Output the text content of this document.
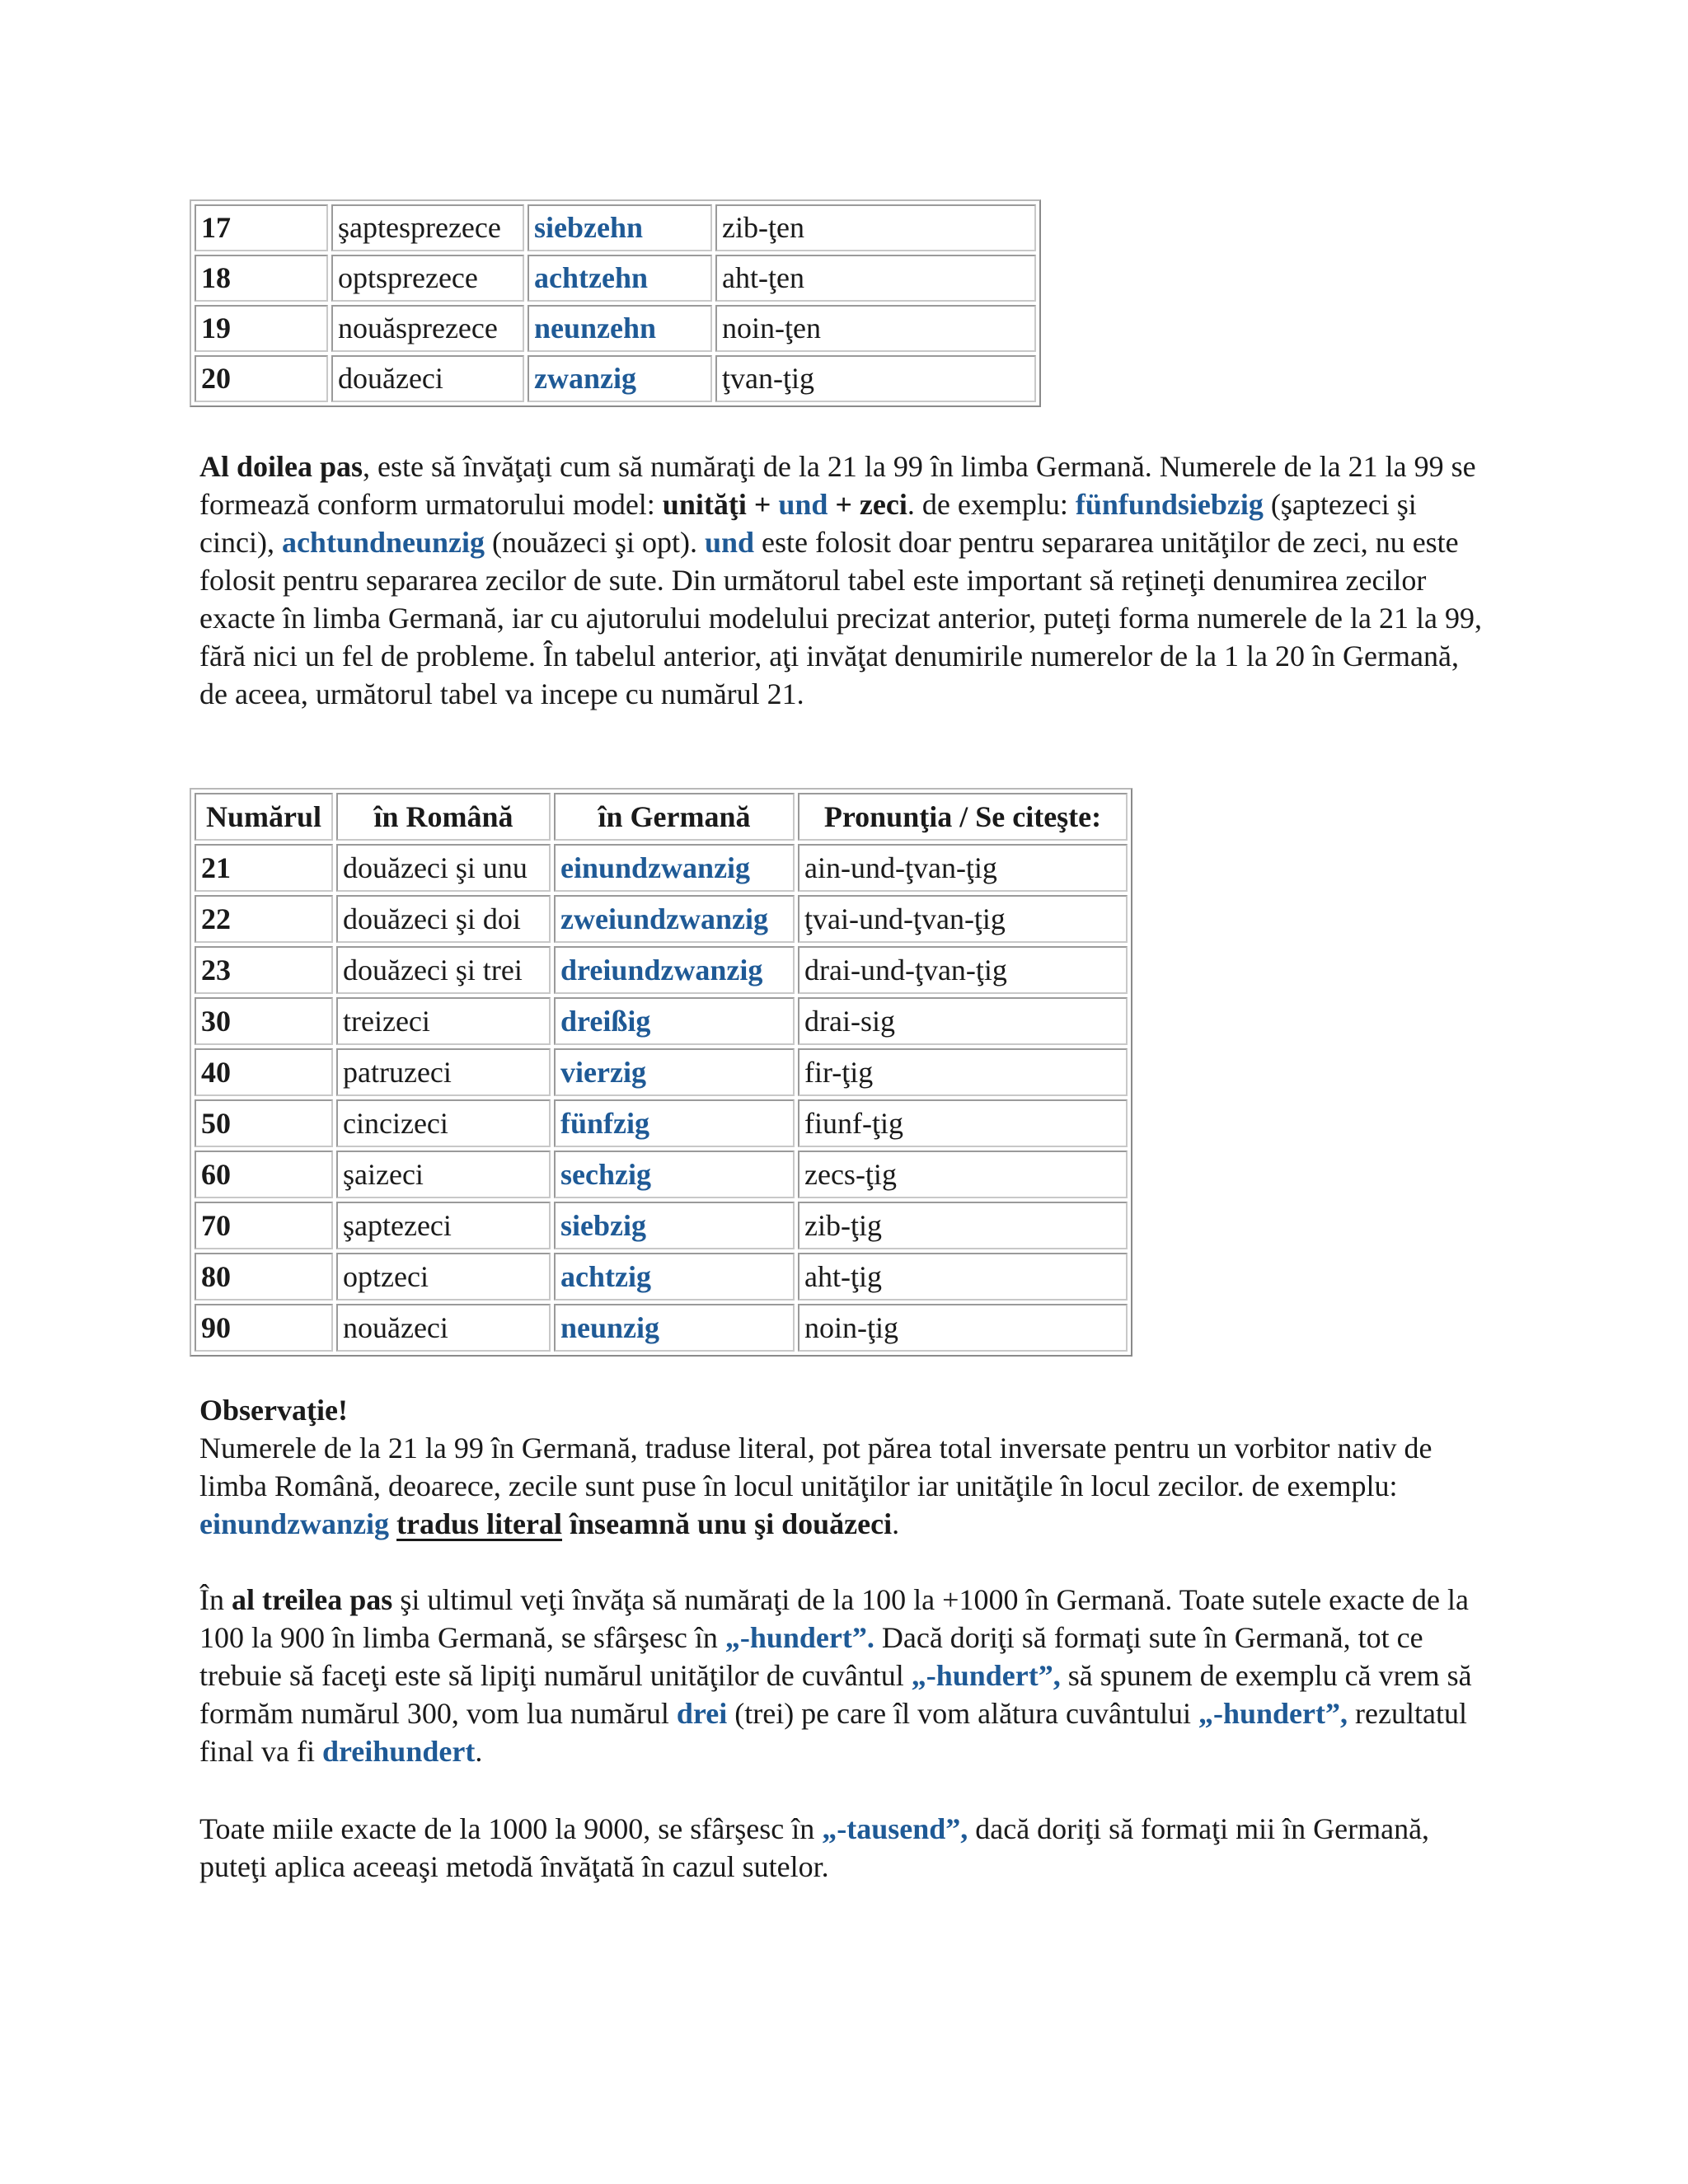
17	şaptesprezece	siebzehn	zib-ţen
18	optsprezece	achtzehn	aht-ţen
19	nouăsprezece	neunzehn	noin-ţen
20	douăzeci	zwanzig	ţvan-ţig

Al doilea pas, este să învăţaţi cum să număraţi de la 21 la 99 în limba Germană. Numerele de la 21 la 99 se formează conform urmatorului model: unităţi + und + zeci. de exemplu: fünfundsiebzig (şaptezeci şi cinci), achtundneunzig (nouăzeci şi opt). und este folosit doar pentru separarea unităţilor de zeci, nu este folosit pentru separarea zecilor de sute. Din următorul tabel este important să reţineţi denumirea zecilor exacte în limba Germană, iar cu ajutorului modelului precizat anterior, puteţi forma numerele de la 21 la 99, fără nici un fel de probleme. În tabelul anterior, aţi invăţat denumirile numerelor de la 1 la 20 în Germană, de aceea, următorul tabel va incepe cu numărul 21.

Numărul	în Română	în Germană	Pronunţia / Se citeşte:
21	douăzeci şi unu	einundzwanzig	ain-und-ţvan-ţig
22	douăzeci şi doi	zweiundzwanzig	ţvai-und-ţvan-ţig
23	douăzeci şi trei	dreiundzwanzig	drai-und-ţvan-ţig
30	treizeci	dreißig	drai-sig
40	patruzeci	vierzig	fir-ţig
50	cincizeci	fünfzig	fiunf-ţig
60	şaizeci	sechzig	zecs-ţig
70	şaptezeci	siebzig	zib-ţig
80	optzeci	achtzig	aht-ţig
90	nouăzeci	neunzig	noin-ţig

Observaţie!

Numerele de la 21 la 99 în Germană, traduse literal, pot părea total inversate pentru un vorbitor nativ de limba Română, deoarece, zecile sunt puse în locul unităţilor iar unităţile în locul zecilor. de exemplu: einundzwanzig tradus literal înseamnă unu şi douăzeci.

În al treilea pas şi ultimul veţi învăţa să număraţi de la 100 la +1000 în Germană. Toate sutele exacte de la 100 la 900 în limba Germană, se sfârşesc în „-hundert”. Dacă doriţi să formaţi sute în Germană, tot ce trebuie să faceţi este să lipiţi numărul unităţilor de cuvântul „-hundert”, să spunem de exemplu că vrem să formăm numărul 300, vom lua numărul drei (trei) pe care îl vom alătura cuvântului „-hundert”, rezultatul final va fi dreihundert.

Toate miile exacte de la 1000 la 9000, se sfârşesc în „-tausend”, dacă doriţi să formaţi mii în Germană, puteţi aplica aceeaşi metodă învăţată în cazul sutelor.
